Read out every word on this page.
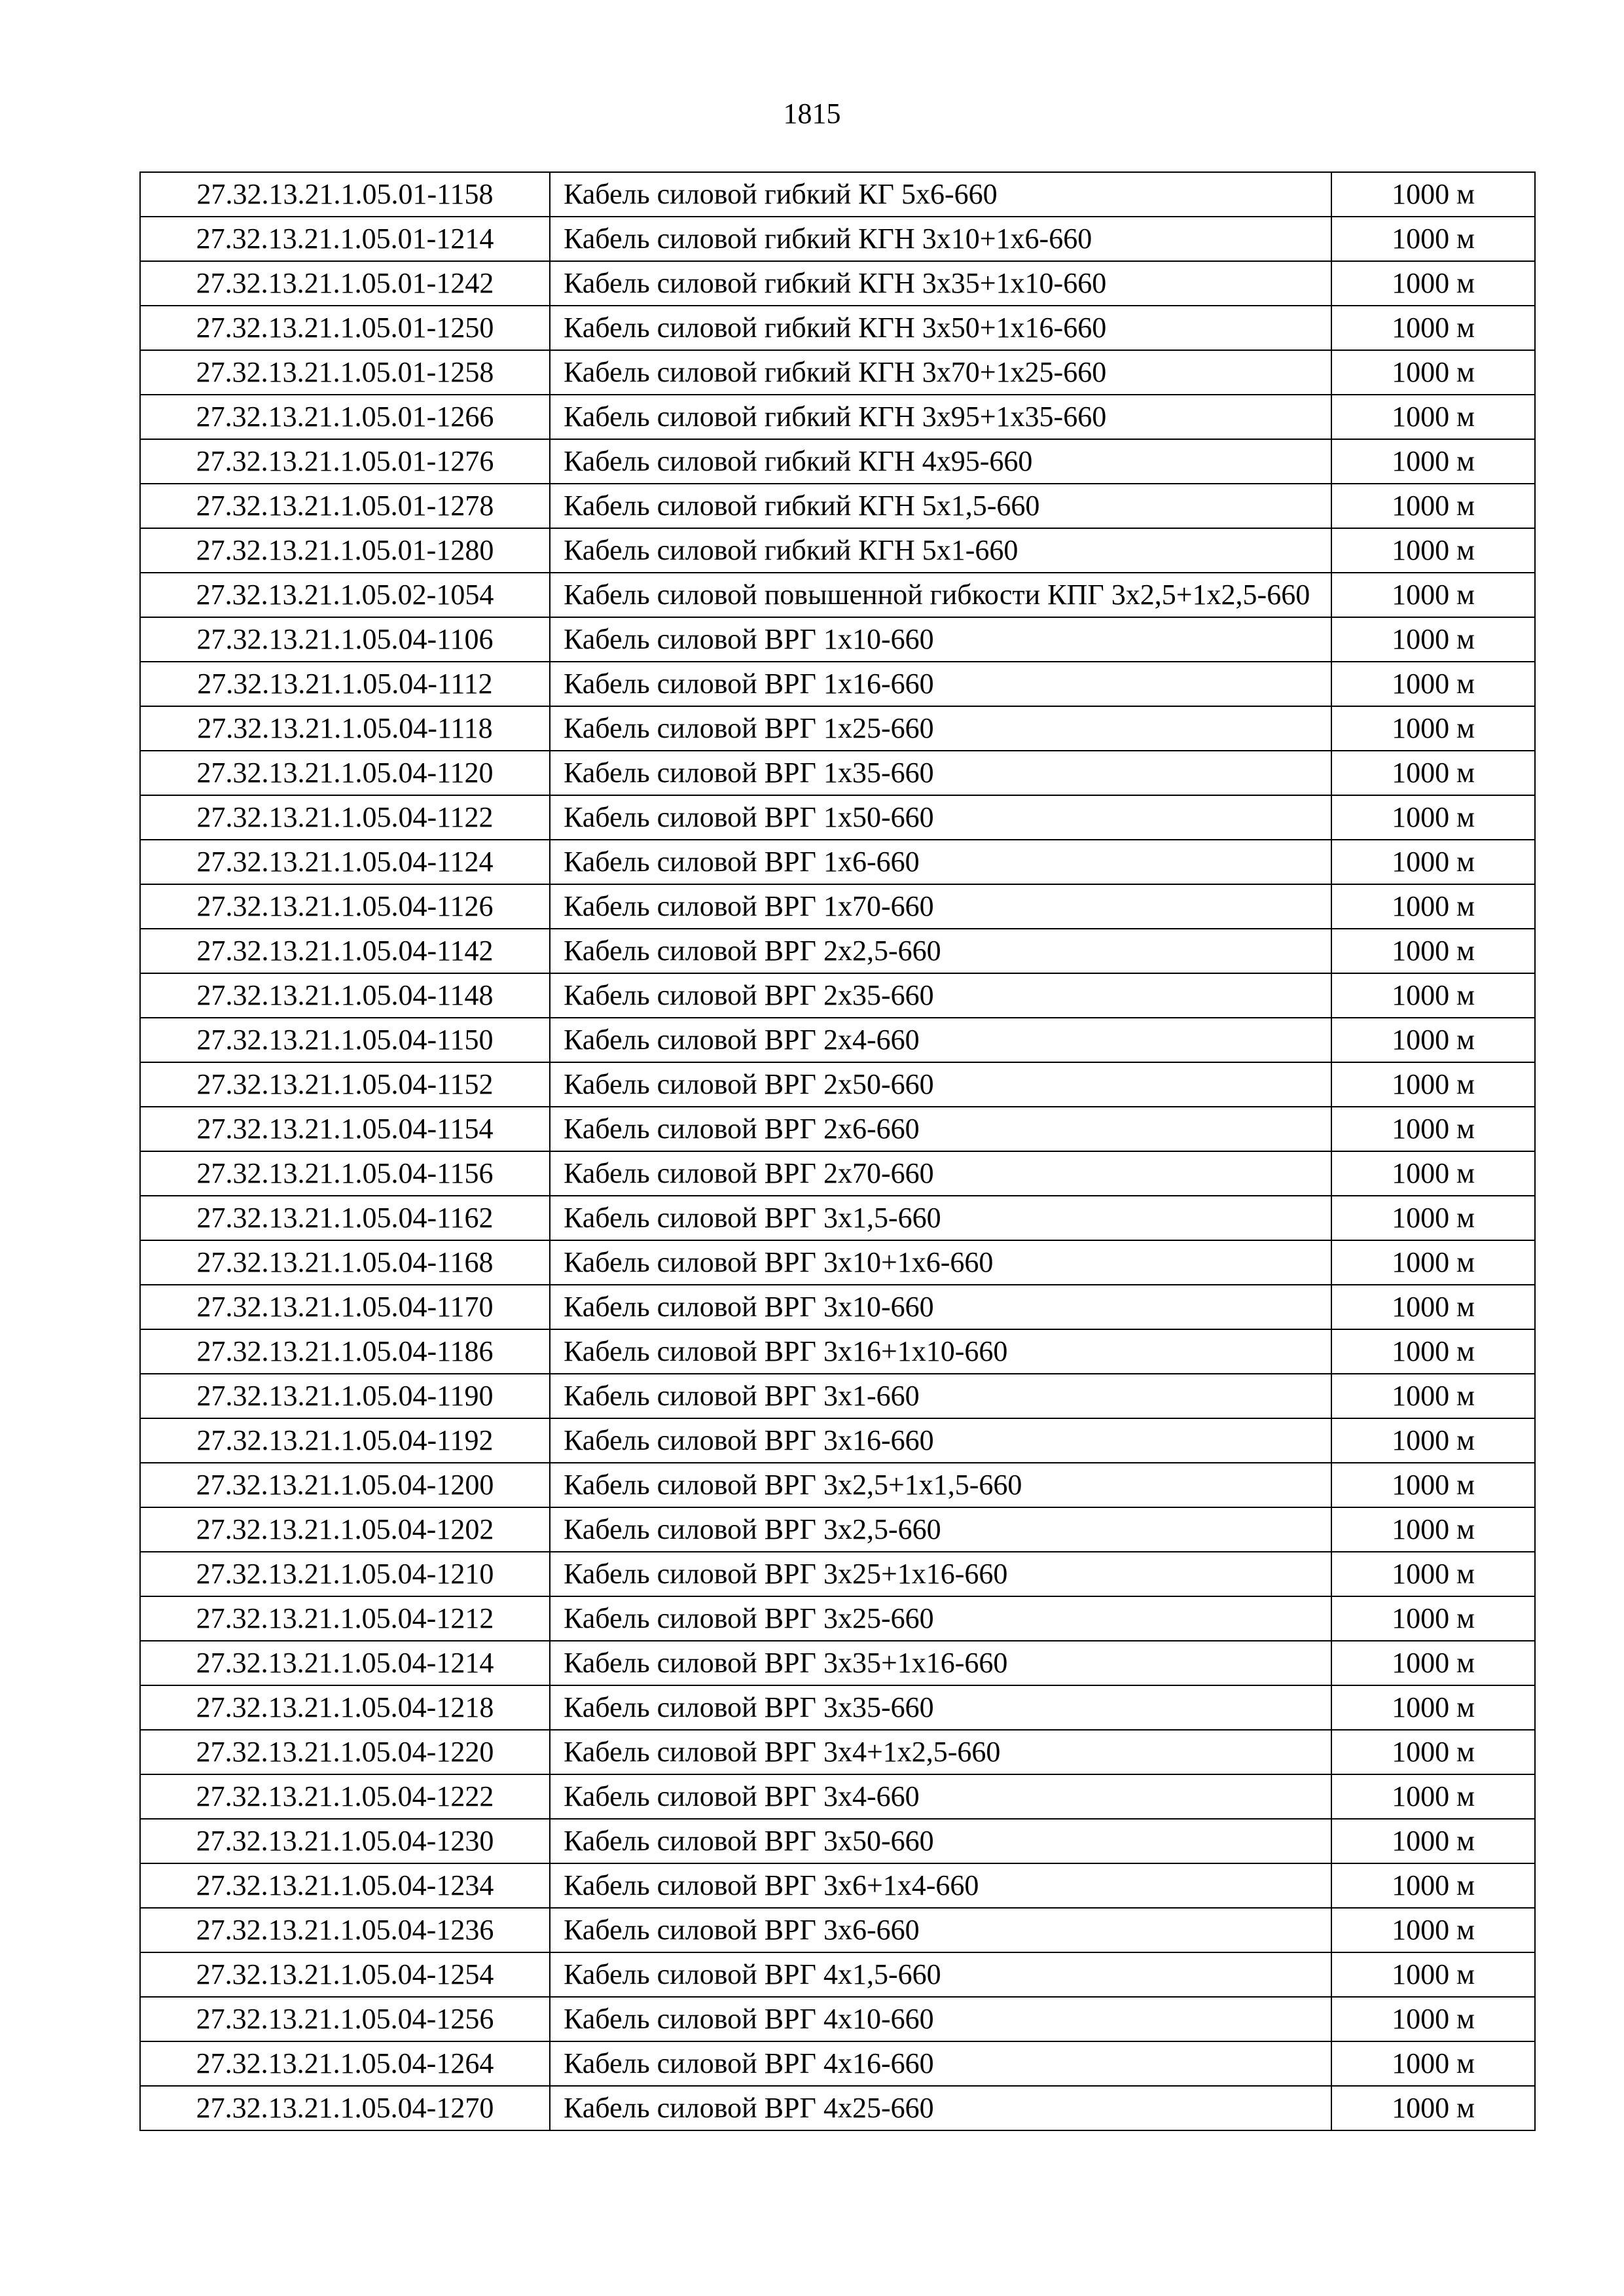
1815
27.32.13.21.1.05.01-1158	Кабель силовой гибкий КГ 5х6-660	1000 м
27.32.13.21.1.05.01-1214	Кабель силовой гибкий КГН 3х10+1х6-660	1000 м
27.32.13.21.1.05.01-1242	Кабель силовой гибкий КГН 3х35+1х10-660	1000 м
27.32.13.21.1.05.01-1250	Кабель силовой гибкий КГН 3х50+1х16-660	1000 м
27.32.13.21.1.05.01-1258	Кабель силовой гибкий КГН 3х70+1х25-660	1000 м
27.32.13.21.1.05.01-1266	Кабель силовой гибкий КГН 3х95+1х35-660	1000 м
27.32.13.21.1.05.01-1276	Кабель силовой гибкий КГН 4х95-660	1000 м
27.32.13.21.1.05.01-1278	Кабель силовой гибкий КГН 5х1,5-660	1000 м
27.32.13.21.1.05.01-1280	Кабель силовой гибкий КГН 5х1-660	1000 м
27.32.13.21.1.05.02-1054	Кабель силовой повышенной гибкости КПГ 3х2,5+1х2,5-660	1000 м
27.32.13.21.1.05.04-1106	Кабель силовой ВРГ 1х10-660	1000 м
27.32.13.21.1.05.04-1112	Кабель силовой ВРГ 1х16-660	1000 м
27.32.13.21.1.05.04-1118	Кабель силовой ВРГ 1х25-660	1000 м
27.32.13.21.1.05.04-1120	Кабель силовой ВРГ 1х35-660	1000 м
27.32.13.21.1.05.04-1122	Кабель силовой ВРГ 1х50-660	1000 м
27.32.13.21.1.05.04-1124	Кабель силовой ВРГ 1х6-660	1000 м
27.32.13.21.1.05.04-1126	Кабель силовой ВРГ 1х70-660	1000 м
27.32.13.21.1.05.04-1142	Кабель силовой ВРГ 2х2,5-660	1000 м
27.32.13.21.1.05.04-1148	Кабель силовой ВРГ 2х35-660	1000 м
27.32.13.21.1.05.04-1150	Кабель силовой ВРГ 2х4-660	1000 м
27.32.13.21.1.05.04-1152	Кабель силовой ВРГ 2х50-660	1000 м
27.32.13.21.1.05.04-1154	Кабель силовой ВРГ 2х6-660	1000 м
27.32.13.21.1.05.04-1156	Кабель силовой ВРГ 2х70-660	1000 м
27.32.13.21.1.05.04-1162	Кабель силовой ВРГ 3х1,5-660	1000 м
27.32.13.21.1.05.04-1168	Кабель силовой ВРГ 3х10+1х6-660	1000 м
27.32.13.21.1.05.04-1170	Кабель силовой ВРГ 3х10-660	1000 м
27.32.13.21.1.05.04-1186	Кабель силовой ВРГ 3х16+1х10-660	1000 м
27.32.13.21.1.05.04-1190	Кабель силовой ВРГ 3х1-660	1000 м
27.32.13.21.1.05.04-1192	Кабель силовой ВРГ 3х16-660	1000 м
27.32.13.21.1.05.04-1200	Кабель силовой ВРГ 3х2,5+1х1,5-660	1000 м
27.32.13.21.1.05.04-1202	Кабель силовой ВРГ 3х2,5-660	1000 м
27.32.13.21.1.05.04-1210	Кабель силовой ВРГ 3х25+1х16-660	1000 м
27.32.13.21.1.05.04-1212	Кабель силовой ВРГ 3х25-660	1000 м
27.32.13.21.1.05.04-1214	Кабель силовой ВРГ 3х35+1х16-660	1000 м
27.32.13.21.1.05.04-1218	Кабель силовой ВРГ 3х35-660	1000 м
27.32.13.21.1.05.04-1220	Кабель силовой ВРГ 3х4+1х2,5-660	1000 м
27.32.13.21.1.05.04-1222	Кабель силовой ВРГ 3х4-660	1000 м
27.32.13.21.1.05.04-1230	Кабель силовой ВРГ 3х50-660	1000 м
27.32.13.21.1.05.04-1234	Кабель силовой ВРГ 3х6+1х4-660	1000 м
27.32.13.21.1.05.04-1236	Кабель силовой ВРГ 3х6-660	1000 м
27.32.13.21.1.05.04-1254	Кабель силовой ВРГ 4х1,5-660	1000 м
27.32.13.21.1.05.04-1256	Кабель силовой ВРГ 4х10-660	1000 м
27.32.13.21.1.05.04-1264	Кабель силовой ВРГ 4х16-660	1000 м
27.32.13.21.1.05.04-1270	Кабель силовой ВРГ 4х25-660	1000 м
